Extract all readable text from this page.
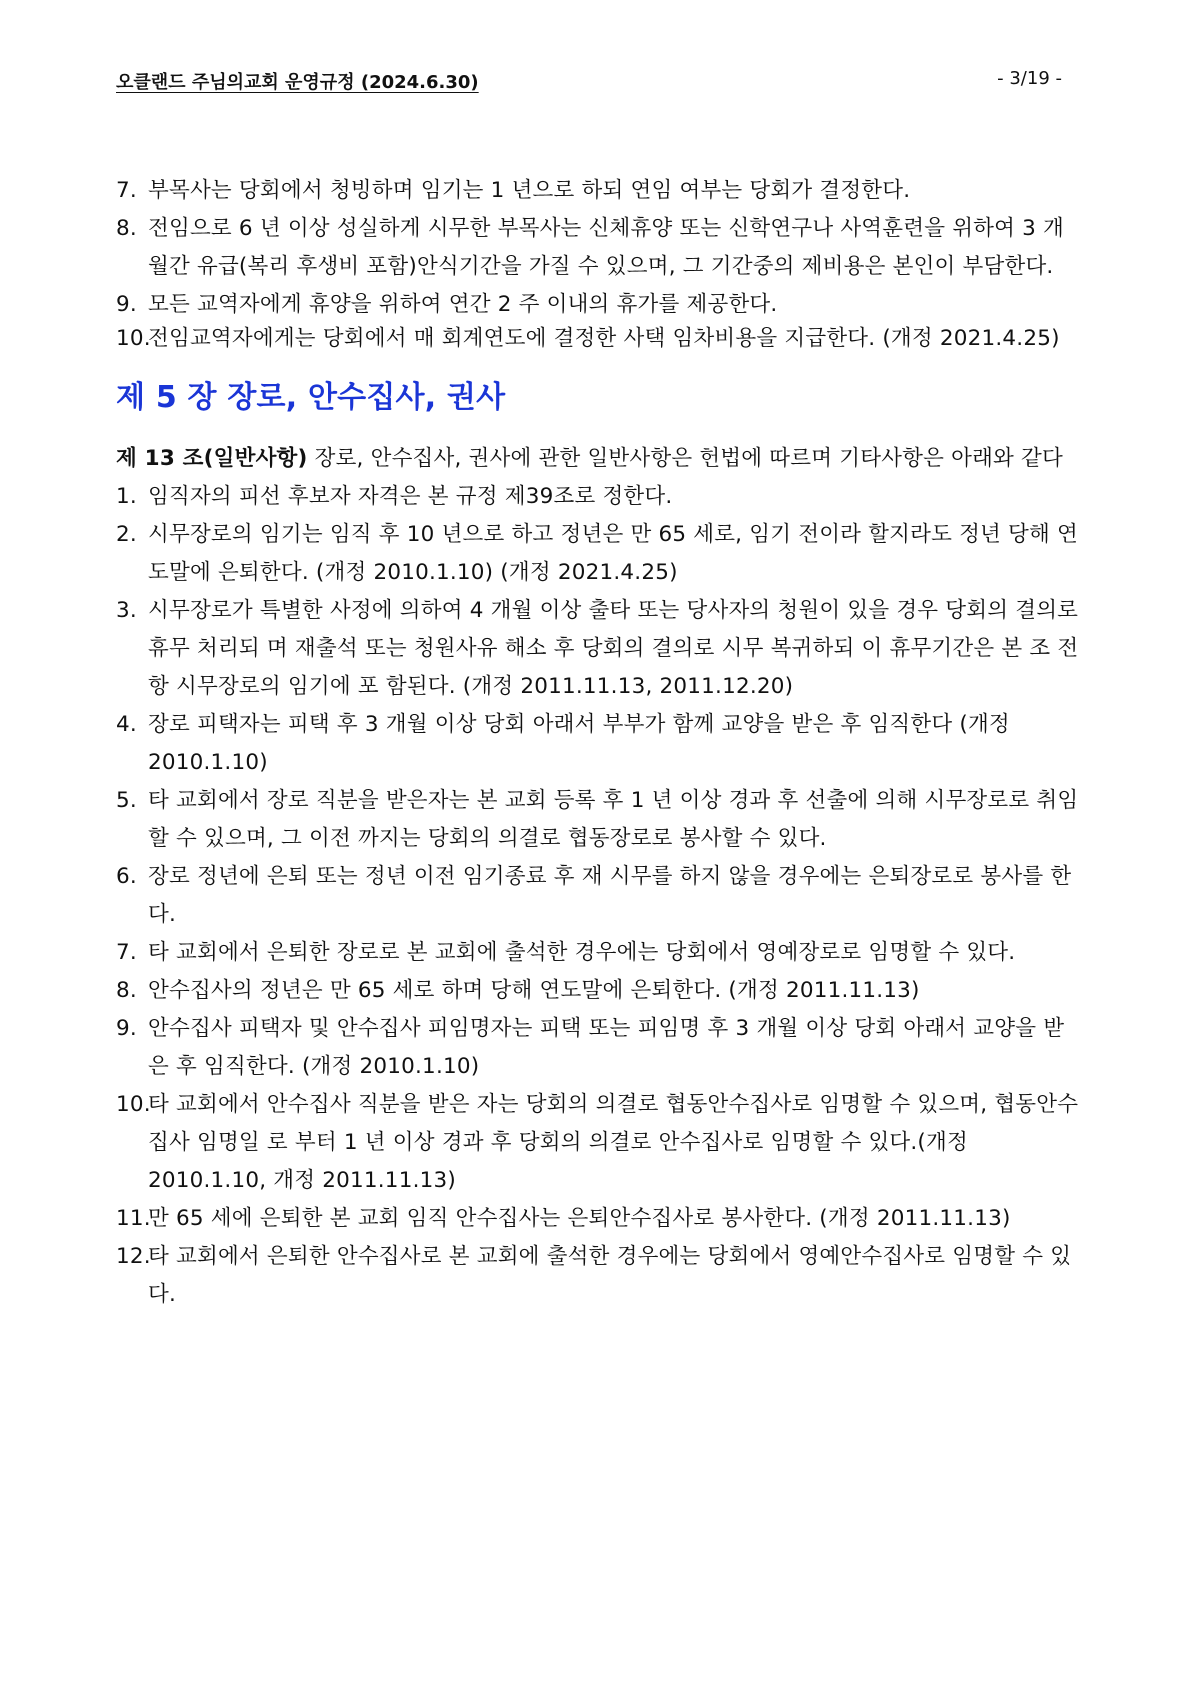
오클랜드 주님의교회 운영규정 (2024.6.30)	- 3/19 -

7. 부목사는 당회에서 청빙하며 임기는 1 년으로 하되 연임 여부는 당회가 결정한다.

8. 전임으로 6 년 이상 성실하게 시무한 부목사는 신체휴양 또는 신학연구나 사역훈련을 위하여 3 개월간 유급(복리 후생비 포함)안식기간을 가질 수 있으며, 그 기간중의 제비용은 본인이 부담한다.

9. 모든 교역자에게 휴양을 위하여 연간 2 주 이내의 휴가를 제공한다.

10.전임교역자에게는 당회에서 매 회계연도에 결정한 사택 임차비용을 지급한다. (개정 2021.4.25)

제 5 장 장로, 안수집사, 권사

제 13 조(일반사항) 장로, 안수집사, 권사에 관한 일반사항은 헌법에 따르며 기타사항은 아래와 같다

1. 임직자의 피선 후보자 자격은 본 규정 제39조로 정한다.

2. 시무장로의 임기는 임직 후 10 년으로 하고 정년은 만 65 세로, 임기 전이라 할지라도 정년 당해 연도말에 은퇴한다. (개정 2010.1.10) (개정 2021.4.25)

3. 시무장로가 특별한 사정에 의하여 4 개월 이상 출타 또는 당사자의 청원이 있을 경우 당회의 결의로 휴무 처리되 며 재출석 또는 청원사유 해소 후 당회의 결의로 시무 복귀하되 이 휴무기간은 본 조 전항 시무장로의 임기에 포 함된다. (개정 2011.11.13, 2011.12.20)

4. 장로 피택자는 피택 후 3 개월 이상 당회 아래서 부부가 함께 교양을 받은 후 임직한다 (개정 2010.1.10)

5. 타 교회에서 장로 직분을 받은자는 본 교회 등록 후 1 년 이상 경과 후 선출에 의해 시무장로로 취임할 수 있으며, 그 이전 까지는 당회의 의결로 협동장로로 봉사할 수 있다.

6. 장로 정년에 은퇴 또는 정년 이전 임기종료 후 재 시무를 하지 않을 경우에는 은퇴장로로 봉사를 한다.

7. 타 교회에서 은퇴한 장로로 본 교회에 출석한 경우에는 당회에서 영예장로로 임명할 수 있다.

8. 안수집사의 정년은 만 65 세로 하며 당해 연도말에 은퇴한다. (개정 2011.11.13)

9. 안수집사 피택자 및 안수집사 피임명자는 피택 또는 피임명 후 3 개월 이상 당회 아래서 교양을 받은 후 임직한다. (개정 2010.1.10)

10.타 교회에서 안수집사 직분을 받은 자는 당회의 의결로 협동안수집사로 임명할 수 있으며, 협동안수집사 임명일 로 부터 1 년 이상 경과 후 당회의 의결로 안수집사로 임명할 수 있다.(개정 2010.1.10, 개정 2011.11.13)

11.만 65 세에 은퇴한 본 교회 임직 안수집사는 은퇴안수집사로 봉사한다. (개정 2011.11.13)

12.타 교회에서 은퇴한 안수집사로 본 교회에 출석한 경우에는 당회에서 영예안수집사로 임명할 수 있다.
